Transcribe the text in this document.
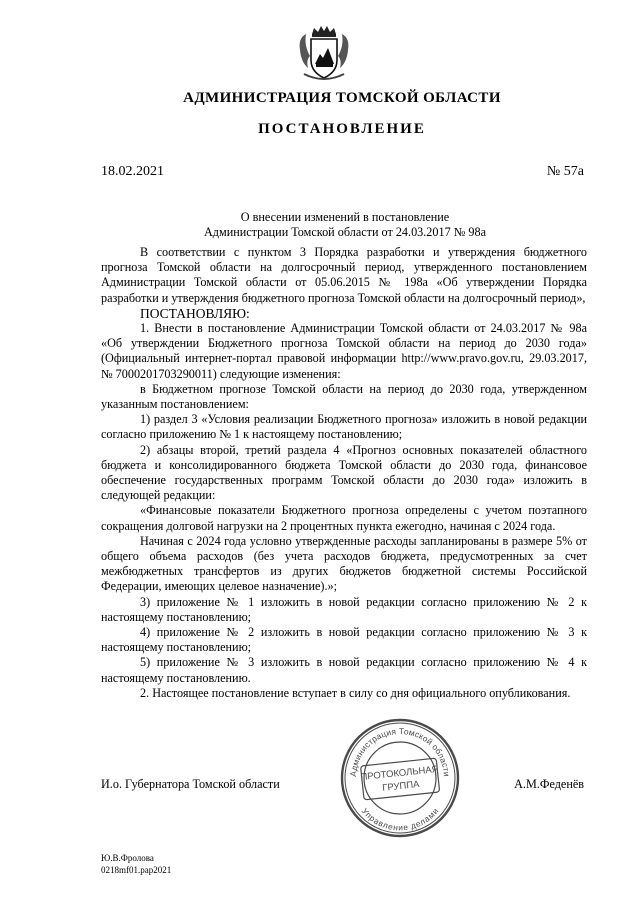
АДМИНИСТРАЦИЯ ТОМСКОЙ ОБЛАСТИ
ПОСТАНОВЛЕНИЕ
18.02.2021	№ 57а
О внесении изменений в постановление
Администрации Томской области от 24.03.2017 № 98а

В соответствии с пунктом 3 Порядка разработки и утверждения бюджетного прогноза Томской области на долгосрочный период, утвержденного постановлением Администрации Томской области от 05.06.2015 № 198а «Об утверждении Порядка разработки и утверждения бюджетного прогноза Томской области на долгосрочный период»,

ПОСТАНОВЛЯЮ:

1. Внести в постановление Администрации Томской области от 24.03.2017 № 98а «Об утверждении Бюджетного прогноза Томской области на период до 2030 года» (Официальный интернет-портал правовой информации http://www.pravo.gov.ru, 29.03.2017, № 7000201703290011) следующие изменения:

в Бюджетном прогнозе Томской области на период до 2030 года, утвержденном указанным постановлением:

1) раздел 3 «Условия реализации Бюджетного прогноза» изложить в новой редакции согласно приложению № 1 к настоящему постановлению;

2) абзацы второй, третий раздела 4 «Прогноз основных показателей областного бюджета и консолидированного бюджета Томской области до 2030 года, финансовое обеспечение государственных программ Томской области до 2030 года» изложить в следующей редакции:

«Финансовые показатели Бюджетного прогноза определены с учетом поэтапного сокращения долговой нагрузки на 2 процентных пункта ежегодно, начиная с 2024 года.

Начиная с 2024 года условно утвержденные расходы запланированы в размере 5% от общего объема расходов (без учета расходов бюджета, предусмотренных за счет межбюджетных трансфертов из других бюджетов бюджетной системы Российской Федерации, имеющих целевое назначение).»;

3) приложение № 1 изложить в новой редакции согласно приложению № 2 к настоящему постановлению;

4) приложение № 2 изложить в новой редакции согласно приложению № 3 к настоящему постановлению;

5) приложение № 3 изложить в новой редакции согласно приложению № 4 к настоящему постановлению.

2. Настоящее постановление вступает в силу со дня официального опубликования.

Администрация Томской области
Управление делами
ПРОТОКОЛЬНАЯ
ГРУППА
И.о. Губернатора Томской области	А.М.Феденёв
Ю.В.Фролова
0218mf01.pap2021
